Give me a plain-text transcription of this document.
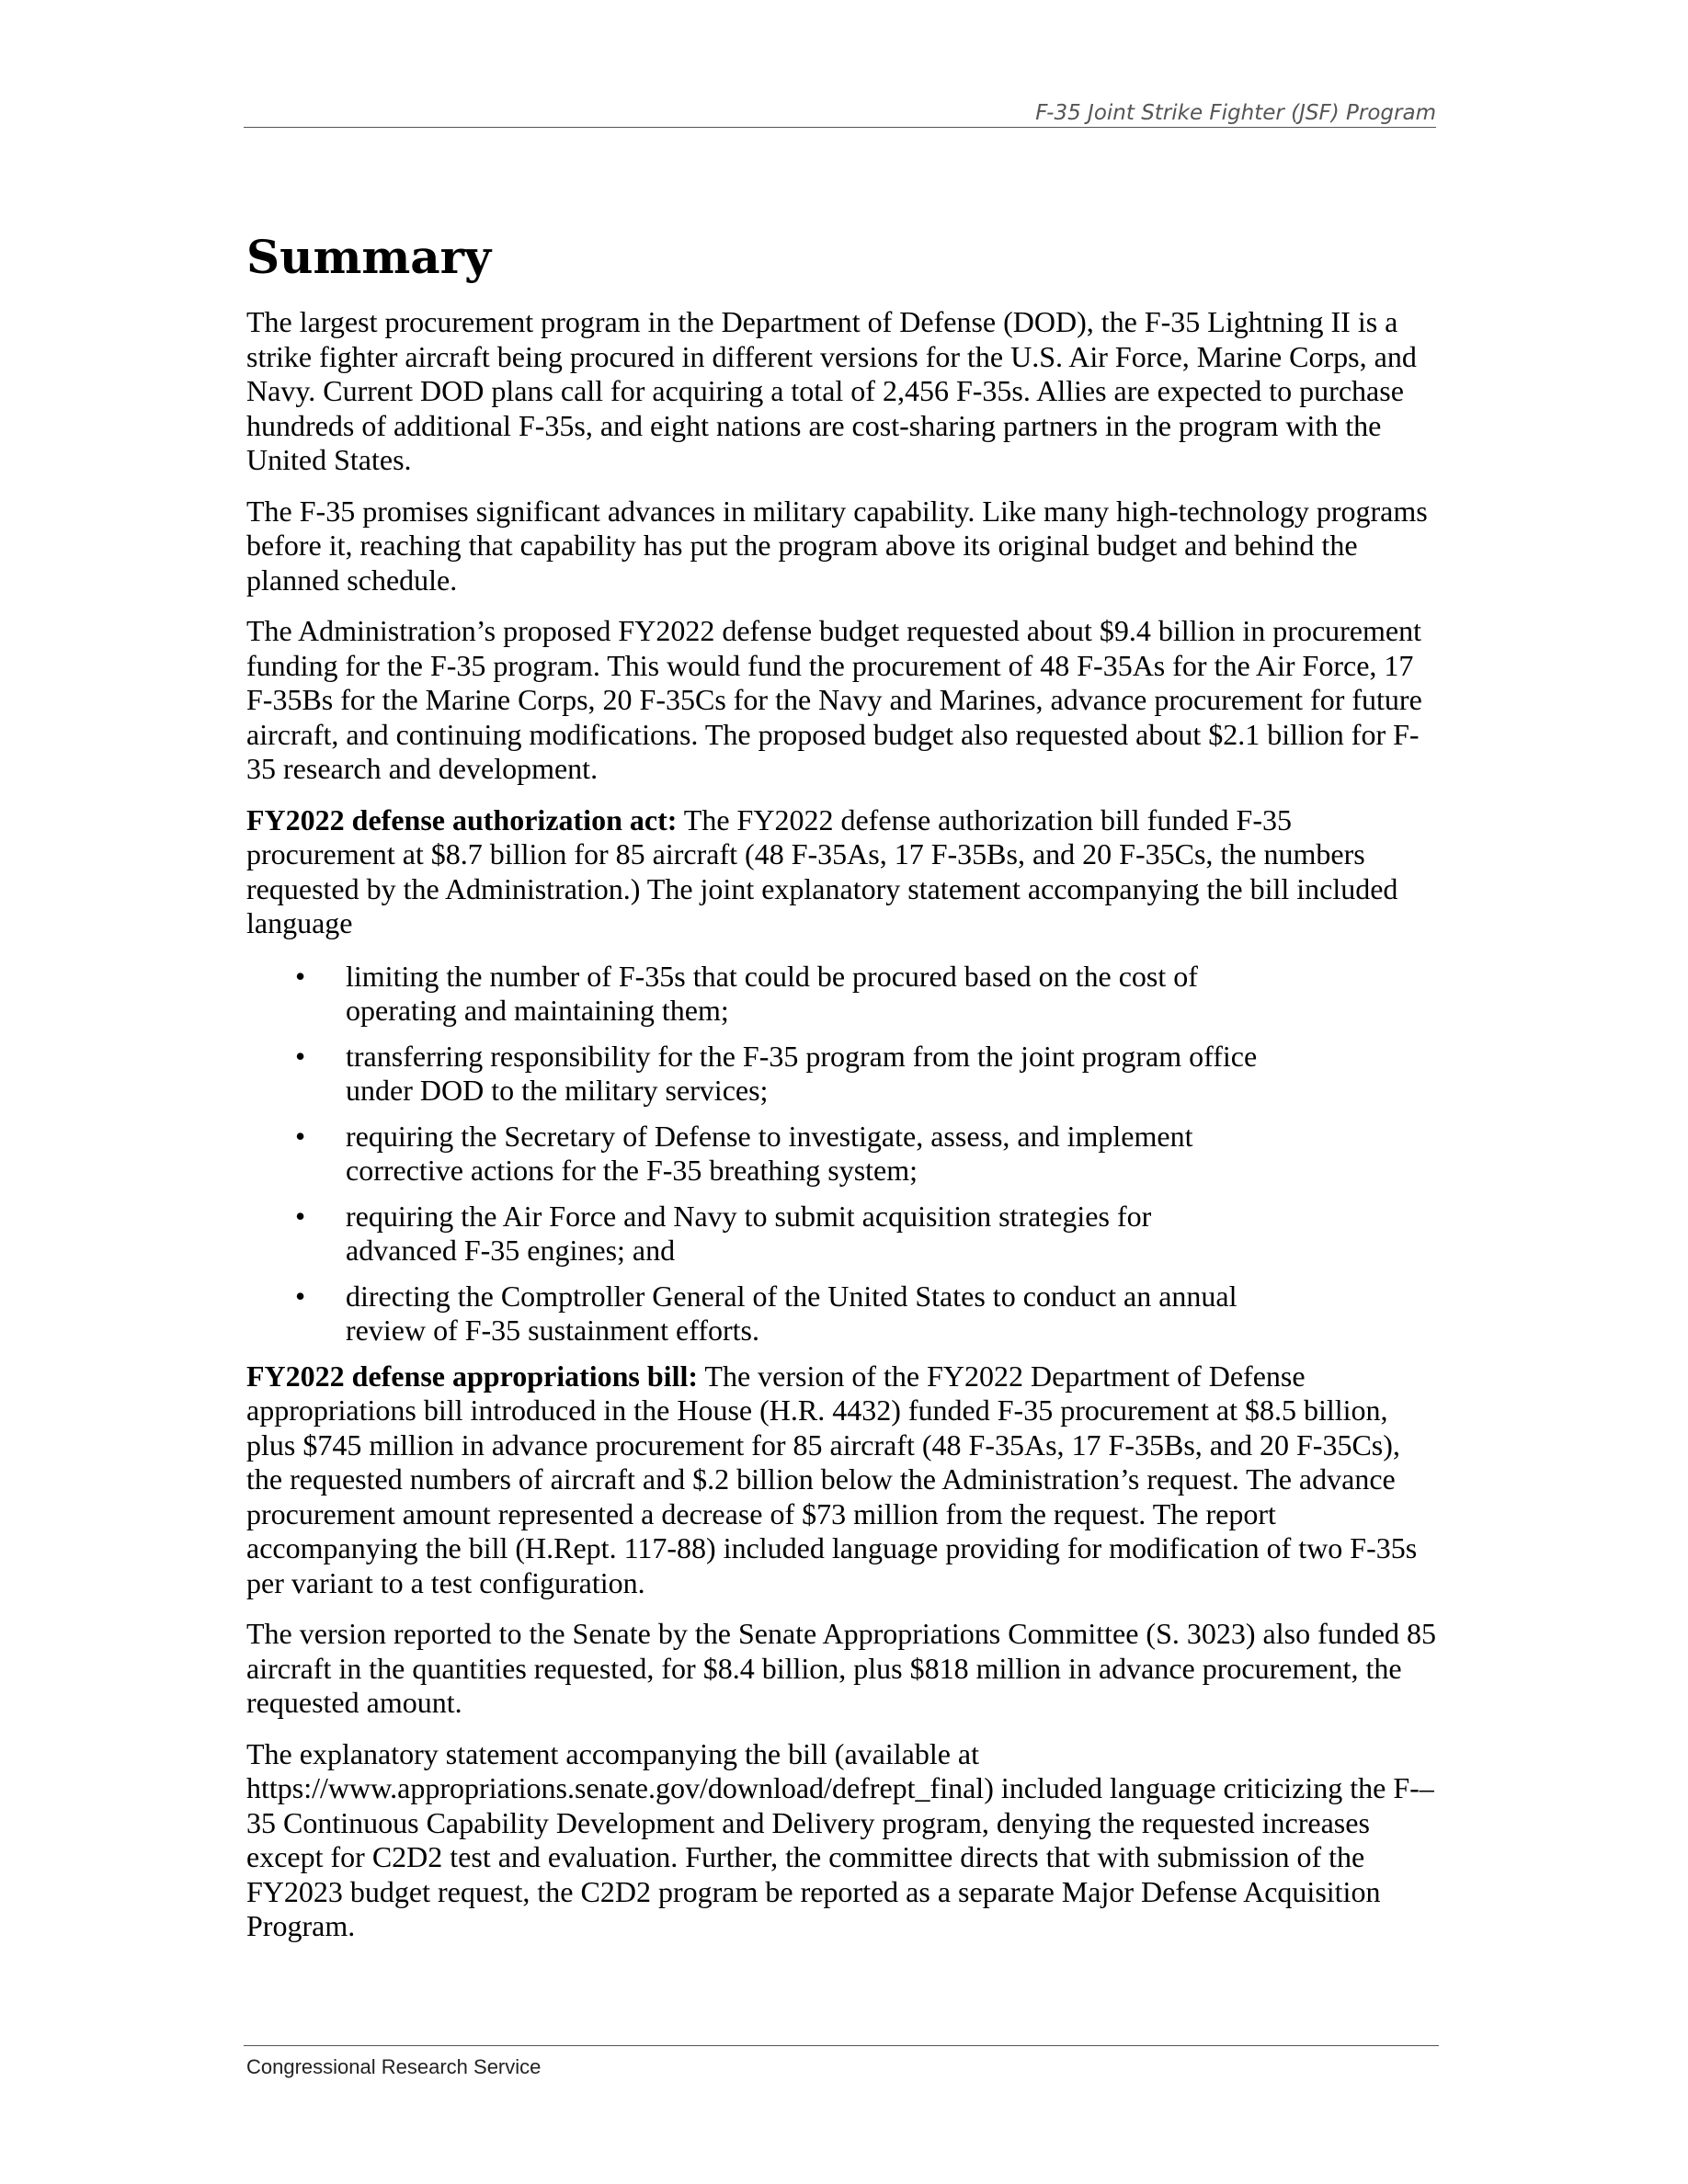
F-35 Joint Strike Fighter (JSF) Program
Summary

The largest procurement program in the Department of Defense (DOD), the F-35 Lightning II is a strike fighter aircraft being procured in different versions for the U.S. Air Force, Marine Corps, and Navy. Current DOD plans call for acquiring a total of 2,456 F-35s. Allies are expected to purchase hundreds of additional F-35s, and eight nations are cost-sharing partners in the program with the United States.

The F-35 promises significant advances in military capability. Like many high-technology programs before it, reaching that capability has put the program above its original budget and behind the planned schedule.

The Administration’s proposed FY2022 defense budget requested about $9.4 billion in procurement funding for the F-35 program. This would fund the procurement of 48 F-35As for the Air Force, 17 F-35Bs for the Marine Corps, 20 F-35Cs for the Navy and Marines, advance procurement for future aircraft, and continuing modifications. The proposed budget also requested about $2.1 billion for F-35 research and development.

FY2022 defense authorization act: The FY2022 defense authorization bill funded F-35 procurement at $8.7 billion for 85 aircraft (48 F-35As, 17 F-35Bs, and 20 F-35Cs, the numbers requested by the Administration.) The joint explanatory statement accompanying the bill included language

• limiting the number of F-35s that could be procured based on the cost of operating and maintaining them;
• transferring responsibility for the F-35 program from the joint program office under DOD to the military services;
• requiring the Secretary of Defense to investigate, assess, and implement corrective actions for the F-35 breathing system;
• requiring the Air Force and Navy to submit acquisition strategies for advanced F-35 engines; and
• directing the Comptroller General of the United States to conduct an annual review of F-35 sustainment efforts.

FY2022 defense appropriations bill: The version of the FY2022 Department of Defense appropriations bill introduced in the House (H.R. 4432) funded F-35 procurement at $8.5 billion, plus $745 million in advance procurement for 85 aircraft (48 F-35As, 17 F-35Bs, and 20 F-35Cs), the requested numbers of aircraft and $.2 billion below the Administration’s request. The advance procurement amount represented a decrease of $73 million from the request. The report accompanying the bill (H.Rept. 117-88) included language providing for modification of two F-35s per variant to a test configuration.

The version reported to the Senate by the Senate Appropriations Committee (S. 3023) also funded 85 aircraft in the quantities requested, for $8.4 billion, plus $818 million in advance procurement, the requested amount.

The explanatory statement accompanying the bill (available at https://www.appropriations.senate.gov/download/defrept_final) included language criticizing the F-–35 Continuous Capability Development and Delivery program, denying the requested increases except for C2D2 test and evaluation. Further, the committee directs that with submission of the FY2023 budget request, the C2D2 program be reported as a separate Major Defense Acquisition Program.

Congressional Research Service
